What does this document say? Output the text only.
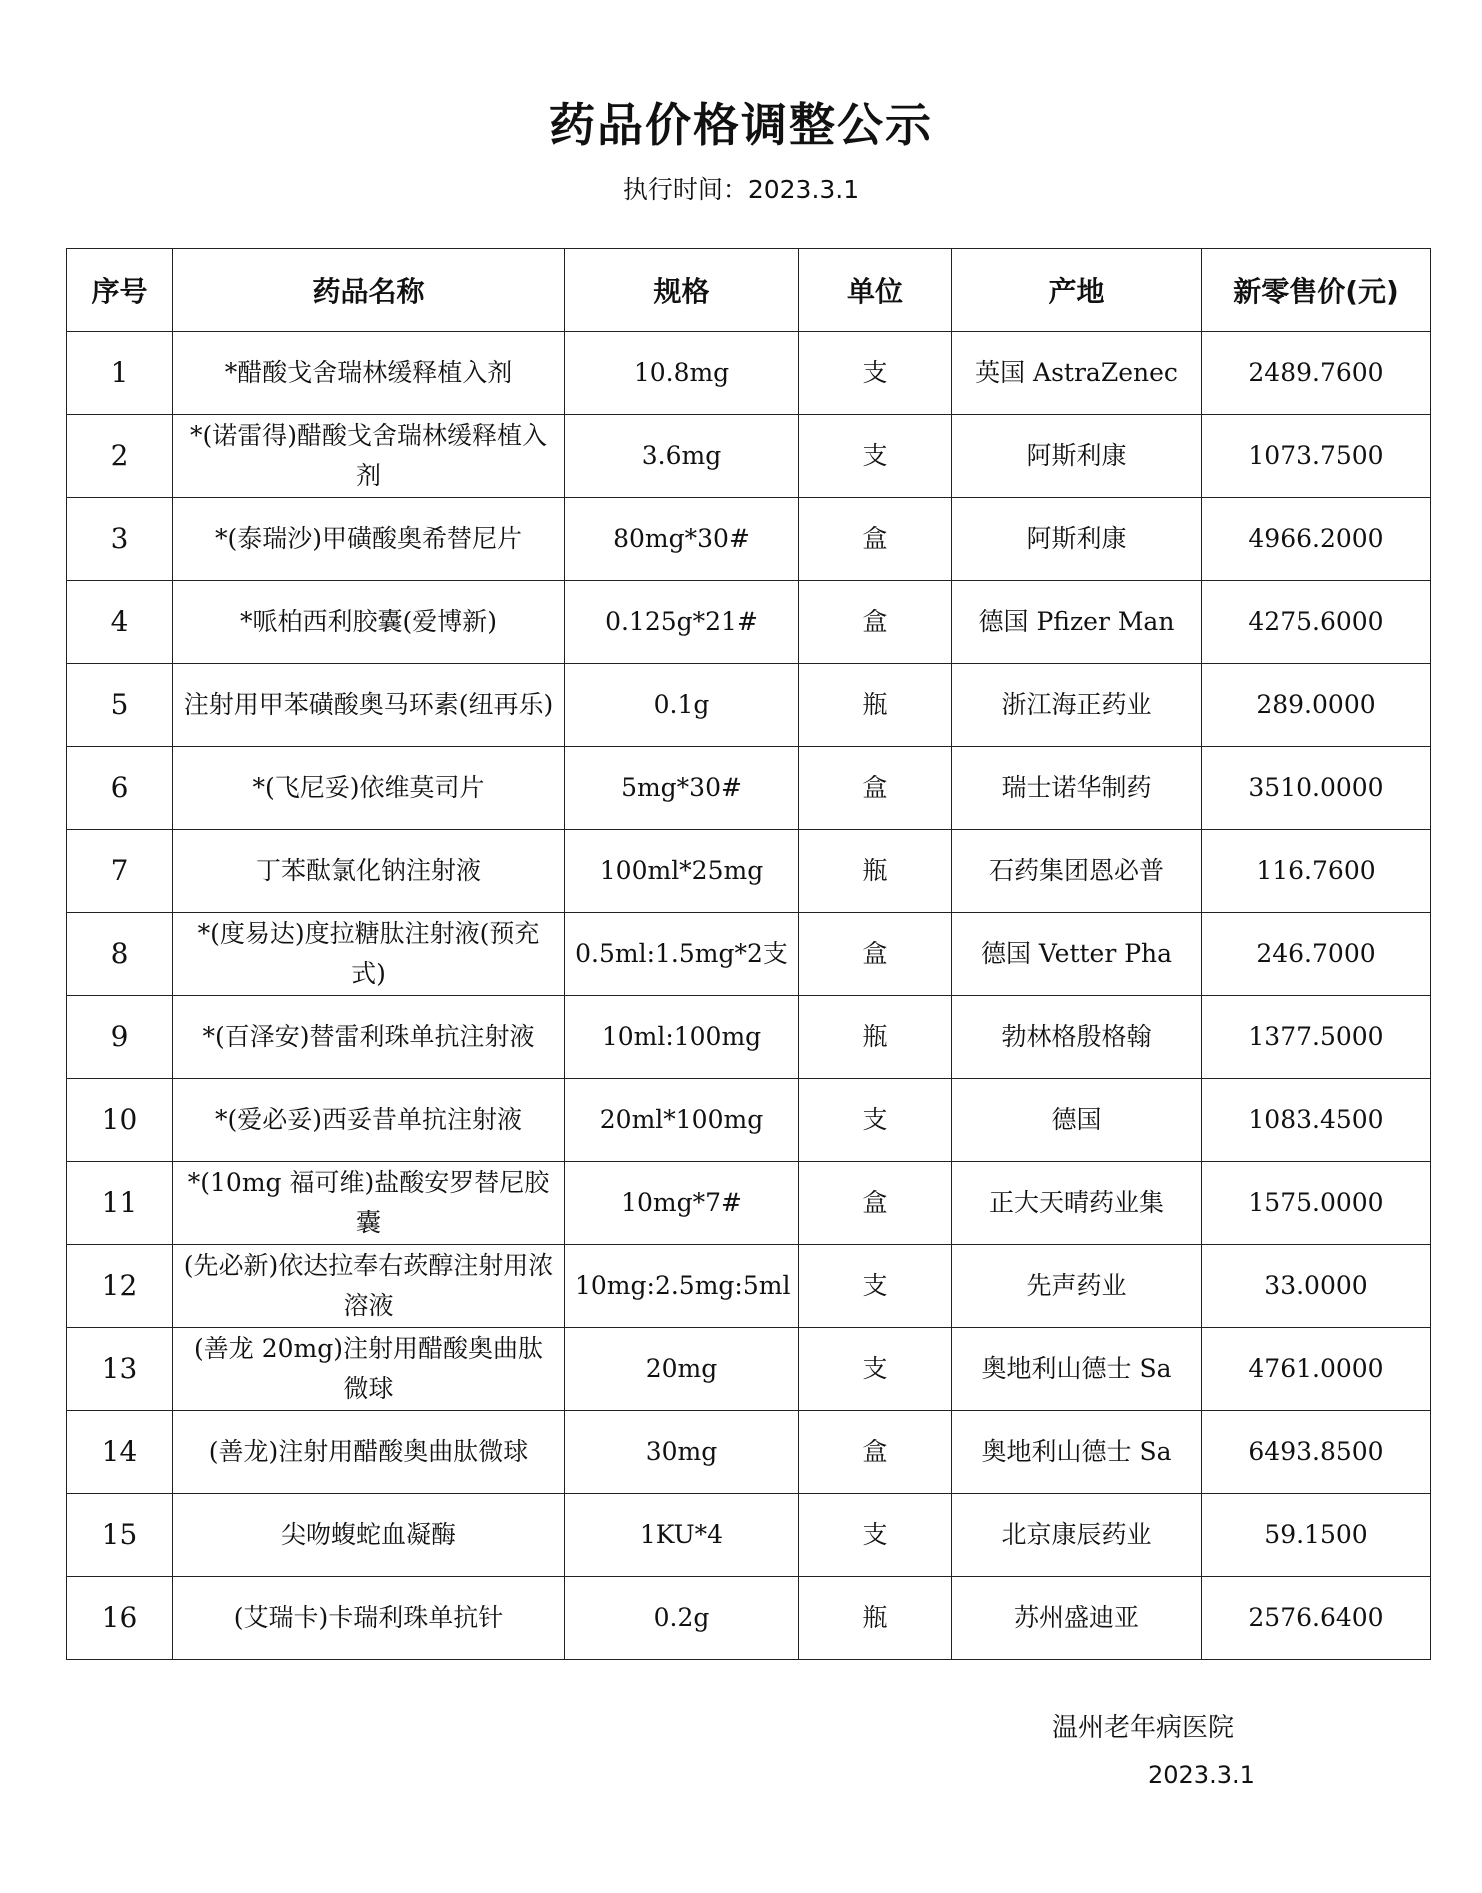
药品价格调整公示
执行时间：2023.3.1
序号	药品名称	规格	单位	产地	新零售价(元)
1	*醋酸戈舍瑞林缓释植入剂	10.8mg	支	英国 AstraZenec	2489.7600
2	*(诺雷得)醋酸戈舍瑞林缓释植入剂	3.6mg	支	阿斯利康	1073.7500
3	*(泰瑞沙)甲磺酸奥希替尼片	80mg*30#	盒	阿斯利康	4966.2000
4	*哌柏西利胶囊(爱博新)	0.125g*21#	盒	德国 Pfizer Man	4275.6000
5	注射用甲苯磺酸奥马环素(纽再乐)	0.1g	瓶	浙江海正药业	289.0000
6	*(飞尼妥)依维莫司片	5mg*30#	盒	瑞士诺华制药	3510.0000
7	丁苯酞氯化钠注射液	100ml*25mg	瓶	石药集团恩必普	116.7600
8	*(度易达)度拉糖肽注射液(预充式)	0.5ml:1.5mg*2支	盒	德国 Vetter Pha	246.7000
9	*(百泽安)替雷利珠单抗注射液	10ml:100mg	瓶	勃林格殷格翰	1377.5000
10	*(爱必妥)西妥昔单抗注射液	20ml*100mg	支	德国	1083.4500
11	*(10mg 福可维)盐酸安罗替尼胶囊	10mg*7#	盒	正大天晴药业集	1575.0000
12	(先必新)依达拉奉右莰醇注射用浓溶液	10mg:2.5mg:5ml	支	先声药业	33.0000
13	(善龙 20mg)注射用醋酸奥曲肽微球	20mg	支	奥地利山德士 Sa	4761.0000
14	(善龙)注射用醋酸奥曲肽微球	30mg	盒	奥地利山德士 Sa	6493.8500
15	尖吻蝮蛇血凝酶	1KU*4	支	北京康辰药业	59.1500
16	(艾瑞卡)卡瑞利珠单抗针	0.2g	瓶	苏州盛迪亚	2576.6400
温州老年病医院
2023.3.1
